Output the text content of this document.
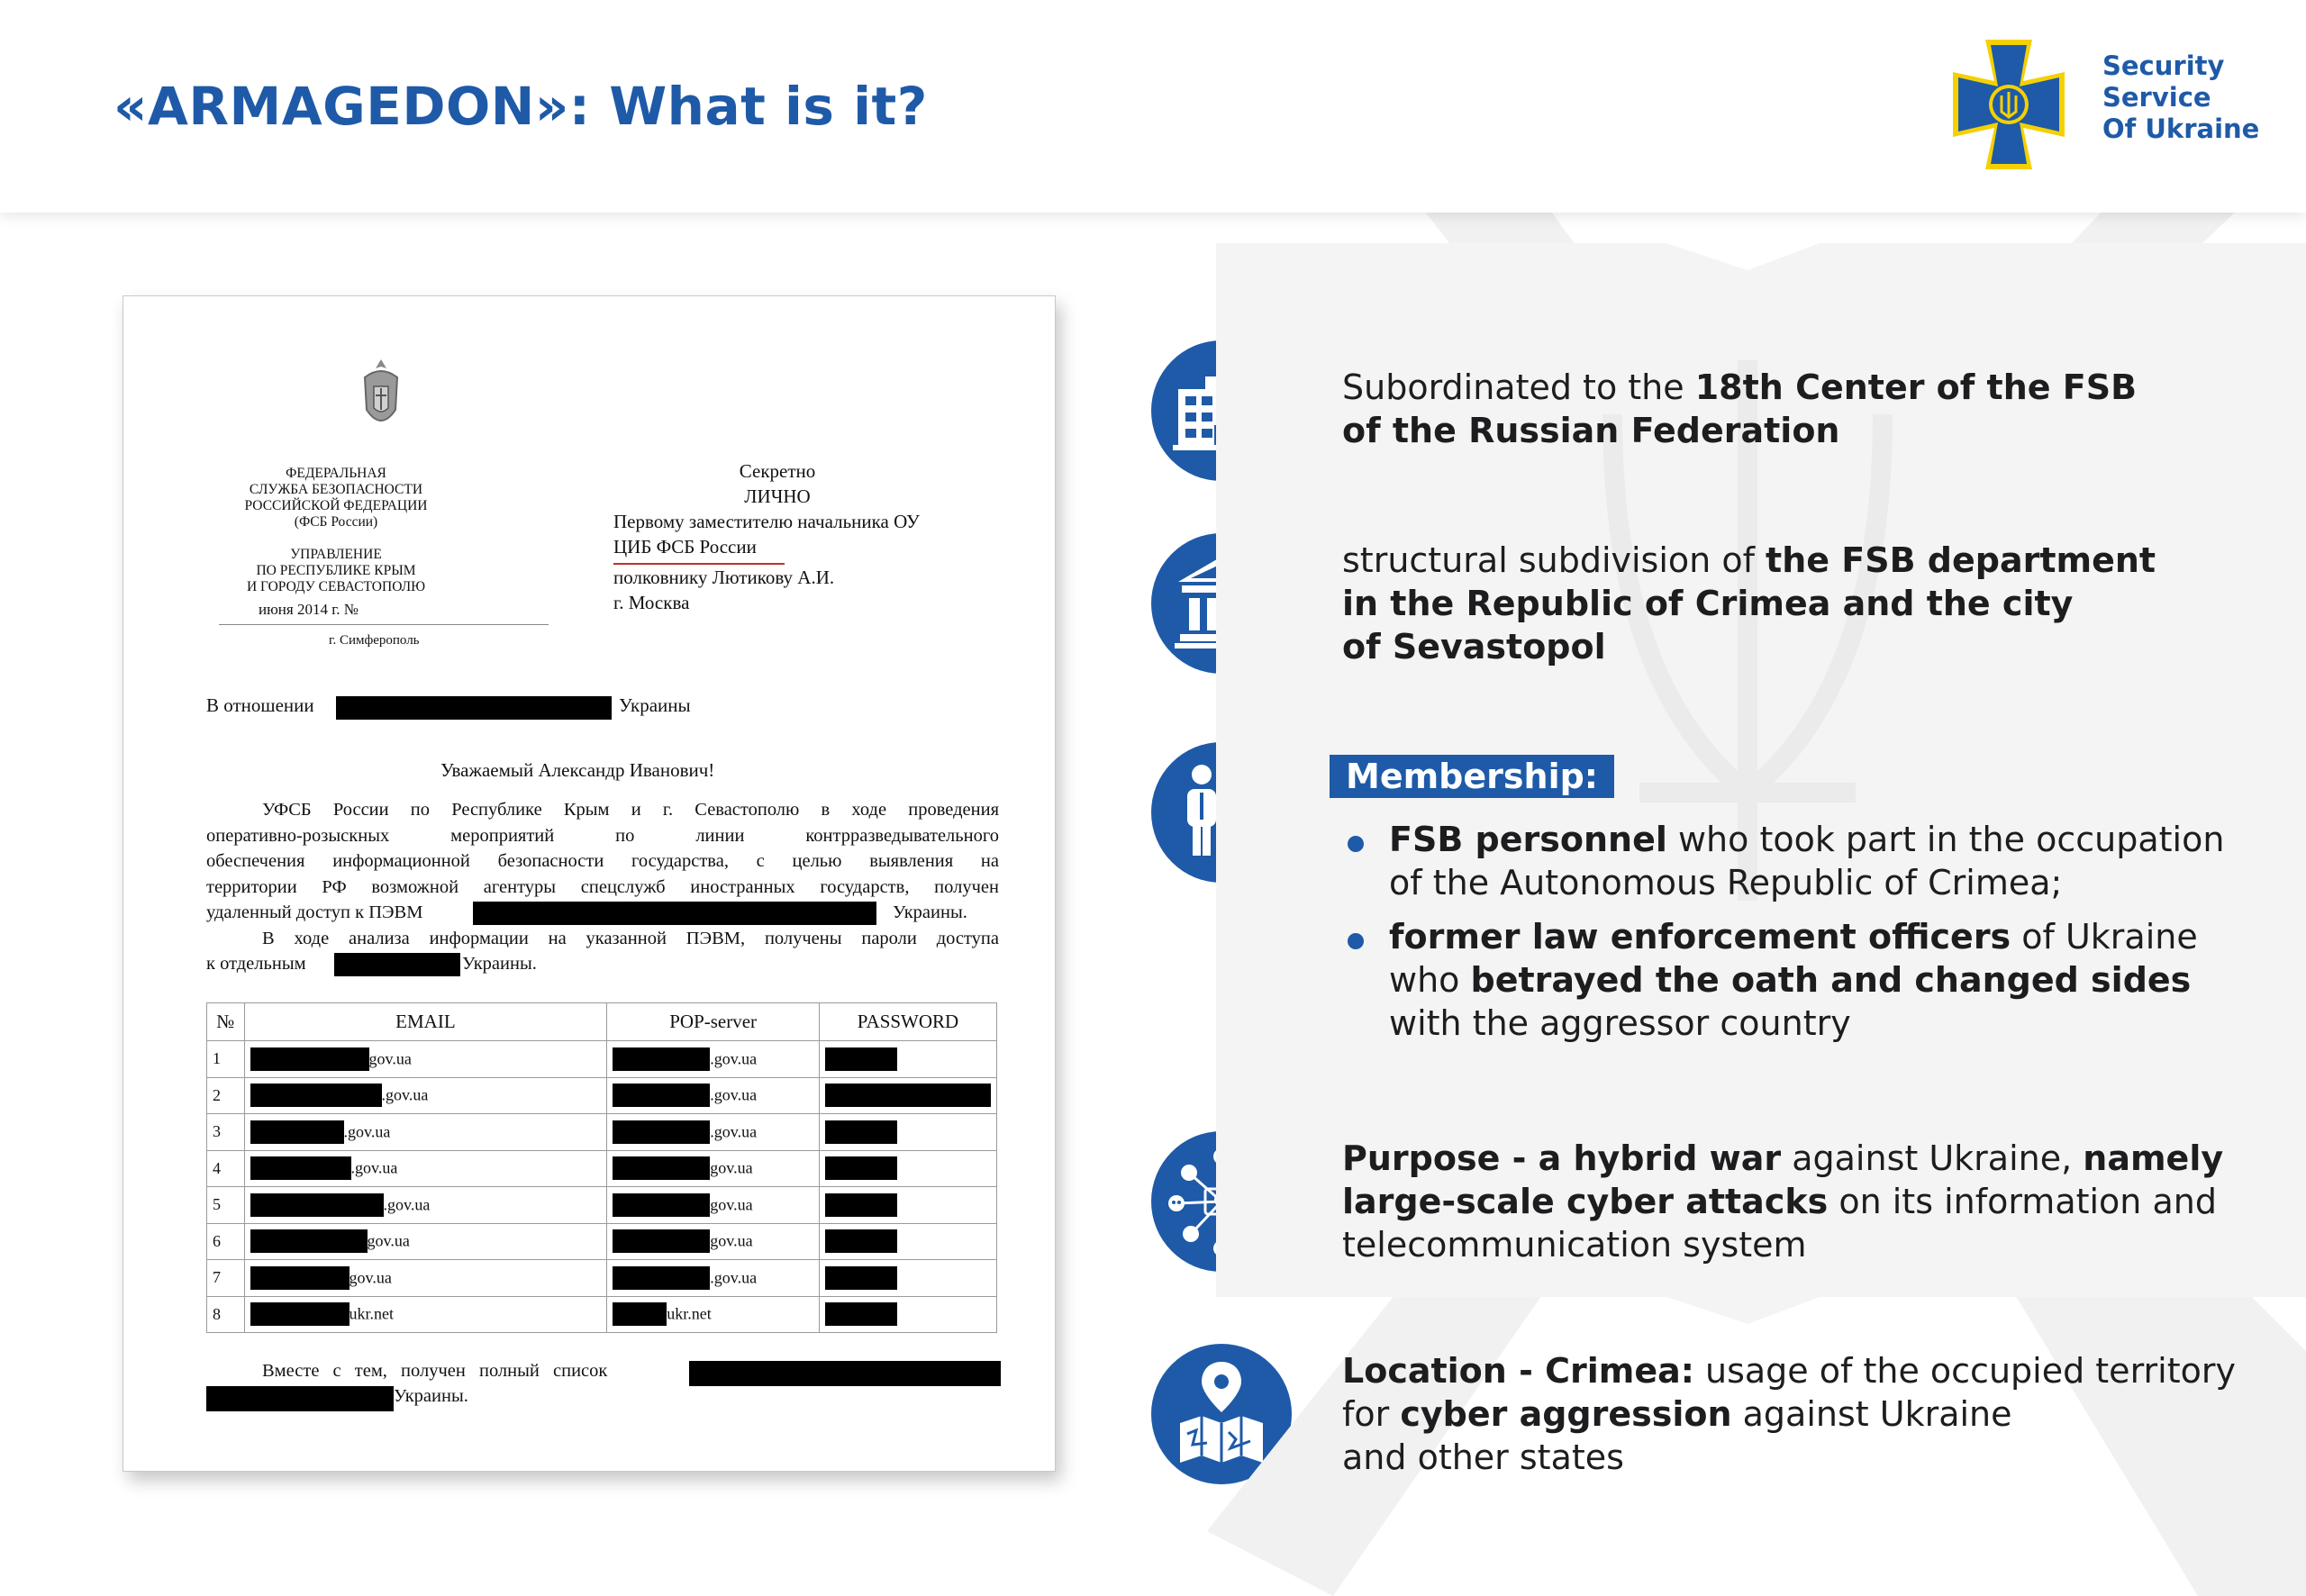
«ARMAGEDON»: What is it?
Security
Service
Of Ukraine
ФЕДЕРАЛЬНАЯ
СЛУЖБА БЕЗОПАСНОСТИ
РОССИЙСКОЙ ФЕДЕРАЦИИ
(ФСБ России)
УПРАВЛЕНИЕ
ПО РЕСПУБЛИКЕ КРЫМ
И ГОРОДУ СЕВАСТОПОЛЮ
июня 2014 г. №
г. Симферополь
Секретно
ЛИЧНО
Первому заместителю начальника ОУ
ЦИБ ФСБ России
полковнику Лютикову А.И.
г. Москва
В отношении	Украины
Уважаемый Александр Иванович!
УФСБ России по Республике Крым и г. Севастополю в ходе проведения
оперативно-розыскных мероприятий по линии контрразведывательного
обеспечения информационной безопасности государства, с целью выявления на
территории РФ возможной агентуры спецслужб иностранных государств, получен
удаленный доступ к ПЭВМ	Украины.
В ходе анализа информации на указанной ПЭВМ, получены пароли доступа
к отдельным	Украины.
№	EMAIL	POP-server	PASSWORD
1	gov.ua	.gov.ua	
2	.gov.ua	.gov.ua	
3	.gov.ua	.gov.ua	
4	.gov.ua	gov.ua	
5	.gov.ua	gov.ua	
6	gov.ua	gov.ua	
7	gov.ua	.gov.ua	
8	ukr.net	ukr.net	
Вместе с тем, получен полный список
Украины.
Subordinated to the 18th Center of the FSB
of the Russian Federation
structural subdivision of the FSB department
in the Republic of Crimea and the city
of Sevastopol
Membership:
FSB personnel who took part in the occupation
of the Autonomous Republic of Crimea;
former law enforcement officers of Ukraine
who betrayed the oath and changed sides
with the aggressor country
Purpose - a hybrid war against Ukraine, namely
large-scale cyber attacks on its information and
telecommunication system
Location - Crimea: usage of the occupied territory
for cyber aggression against Ukraine
and other states
